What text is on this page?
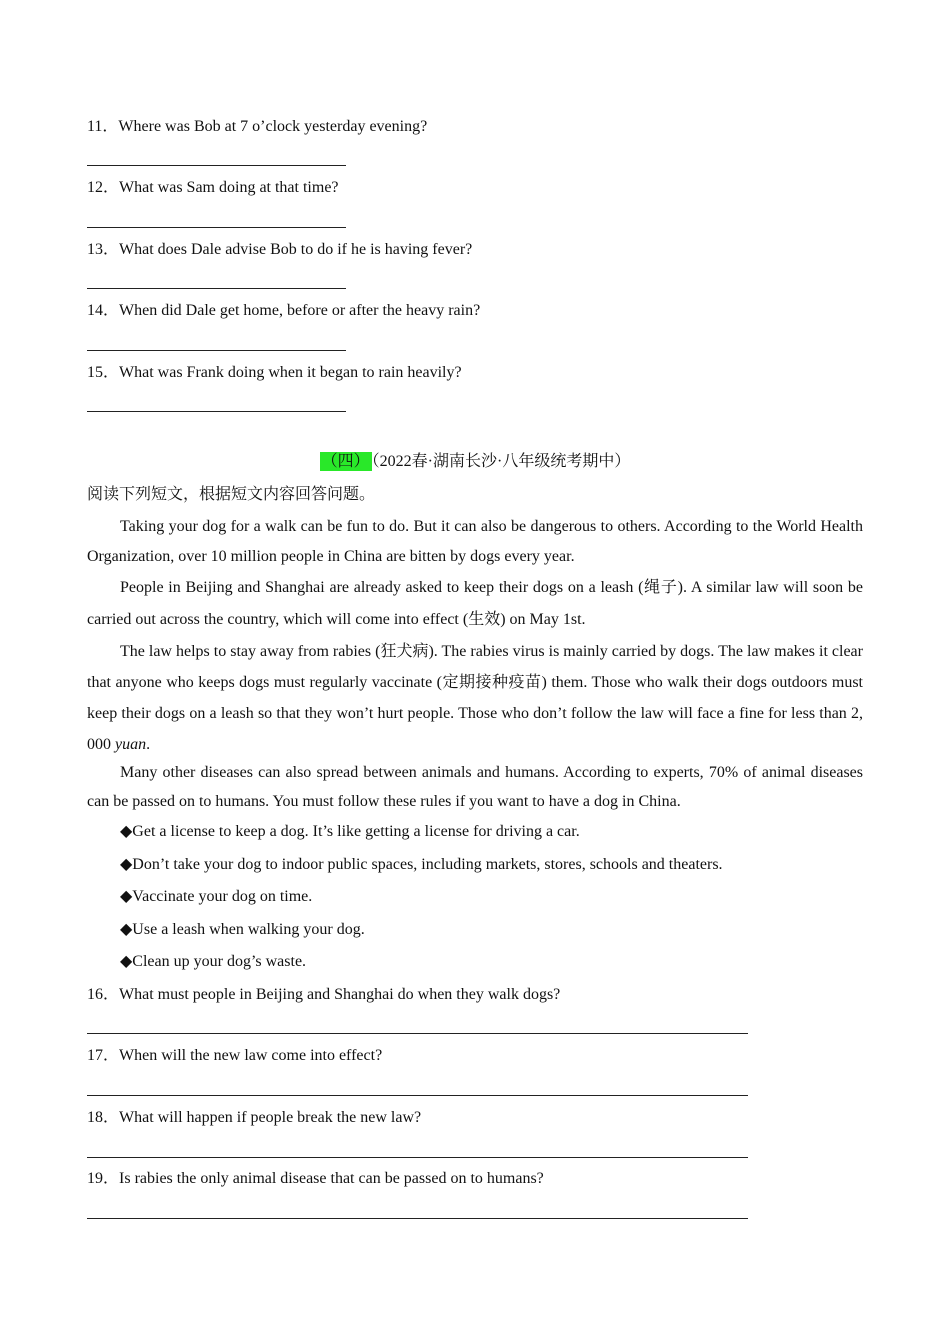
11．Where was Bob at 7 o’clock yesterday evening?
12．What was Sam doing at that time?
13．What does Dale advise Bob to do if he is having fever?
14．When did Dale get home, before or after the heavy rain?
15．What was Frank doing when it began to rain heavily?
（四） （2022春·湖南长沙·八年级统考期中）
阅读下列短文，根据短文内容回答问题。
Taking your dog for a walk can be fun to do. But it can also be dangerous to others. According to the World Health Organization, over 10 million people in China are bitten by dogs every year.
People in Beijing and Shanghai are already asked to keep their dogs on a leash (绳子). A similar law will soon be carried out across the country, which will come into effect (生效) on May 1st.
The law helps to stay away from rabies (狂犬病). The rabies virus is mainly carried by dogs. The law makes it clear that anyone who keeps dogs must regularly vaccinate (定期接种疫苗) them. Those who walk their dogs outdoors must keep their dogs on a leash so that they won’t hurt people. Those who don’t follow the law will face a fine for less than 2, 000 yuan.
Many other diseases can also spread between animals and humans. According to experts, 70% of animal diseases can be passed on to humans. You must follow these rules if you want to have a dog in China.
◆Get a license to keep a dog. It’s like getting a license for driving a car.
◆Don’t take your dog to indoor public spaces, including markets, stores, schools and theaters.
◆Vaccinate your dog on time.
◆Use a leash when walking your dog.
◆Clean up your dog’s waste.
16．What must people in Beijing and Shanghai do when they walk dogs?
17．When will the new law come into effect?
18．What will happen if people break the new law?
19．Is rabies the only animal disease that can be passed on to humans?
